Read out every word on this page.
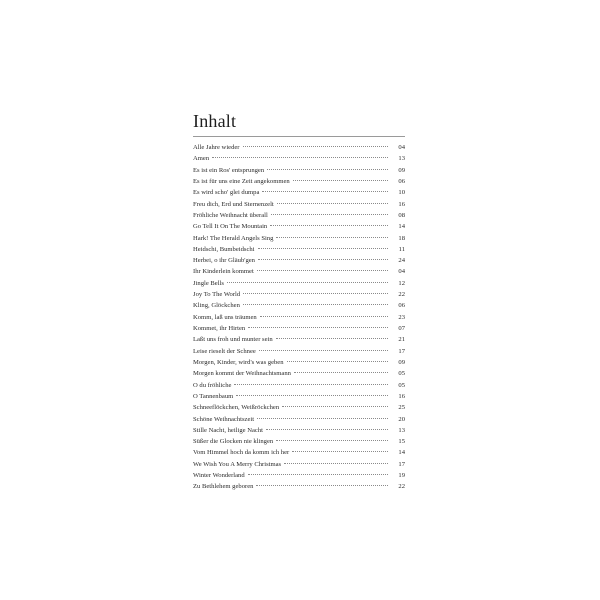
Inhalt
Alle Jahre wieder	04
Amen	13
Es ist ein Ros' entsprungen	09
Es ist für uns eine Zeit angekommen	06
Es wird scho' glei dumpa	10
Freu dich, Erd und Sternenzelt	16
Fröhliche Weihnacht überall	08
Go Tell It On The Mountain	14
Hark! The Herald Angels Sing	18
Heidschi, Bumbeidschi	11
Herbei, o ihr Gläub'gen	24
Ihr Kinderlein kommet	04
Jingle Bells	12
Joy To The World	22
Kling, Glöckchen	06
Komm, laß uns träumen	23
Kommet, ihr Hirten	07
Laßt uns froh und munter sein	21
Leise rieselt der Schnee	17
Morgen, Kinder, wird's was geben	09
Morgen kommt der Weihnachtsmann	05
O du fröhliche	05
O Tannenbaum	16
Schneeflöckchen, Weißröckchen	25
Schöne Weihnachtszeit	20
Stille Nacht, heilige Nacht	13
Süßer die Glocken nie klingen	15
Vom Himmel hoch da komm ich her	14
We Wish You A Merry Christmas	17
Winter Wonderland	19
Zu Bethlehem geboren	22
